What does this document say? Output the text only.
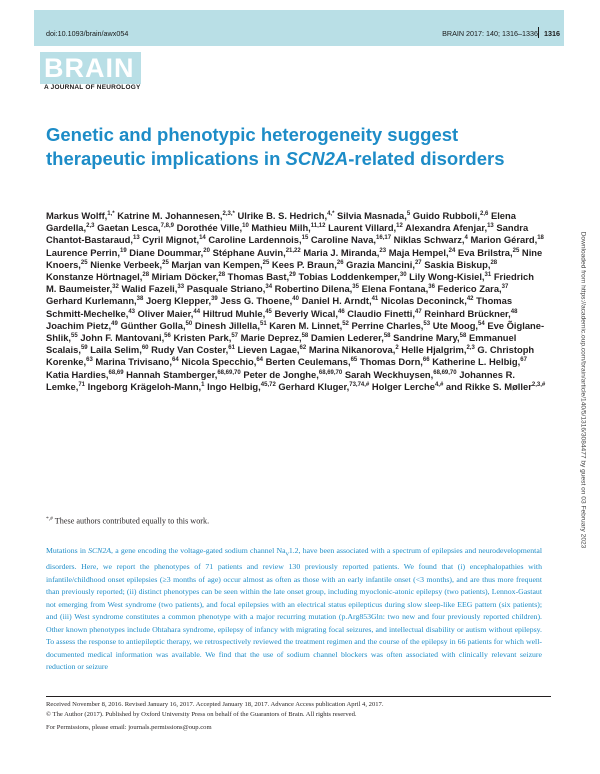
doi:10.1093/brain/awx054	BRAIN 2017: 140; 1316–1336 1316
BRAIN
A JOURNAL OF NEUROLOGY
Genetic and phenotypic heterogeneity suggest therapeutic implications in SCN2A-related disorders
Markus Wolff,$^{1,*}$ Katrine M. Johannesen,$^{2,3,*}$ Ulrike B. S. Hedrich,$^{4,*}$ Silvia Masnada,$^5$ Guido Rubboli,$^{2,6}$ Elena Gardella,$^{2,3}$ Gaetan Lesca,$^{7,8,9}$ Dorothée Ville,$^{10}$ Mathieu Milh,$^{11,12}$ Laurent Villard,$^{12}$ Alexandra Afenjar,$^{13}$ Sandra Chantot-Bastaraud,$^{13}$ Cyril Mignot,$^{14}$ Caroline Lardennois,$^{15}$ Caroline Nava,$^{16,17}$ Niklas Schwarz,$^4$ Marion Gérard,$^{18}$ Laurence Perrin,$^{19}$ Diane Doummar,$^{20}$ Stéphane Auvin,$^{21,22}$ Maria J. Miranda,$^{23}$ Maja Hempel,$^{24}$ Eva Brilstra,$^{25}$ Nine Knoers,$^{25}$ Nienke Verbeek,$^{25}$ Marjan van Kempen,$^{25}$ Kees P. Braun,$^{26}$ Grazia Mancini,$^{27}$ Saskia Biskup,$^{28}$ Konstanze Hörtnagel,$^{28}$ Miriam Döcker,$^{28}$ Thomas Bast,$^{29}$ Tobias Loddenkemper,$^{30}$ Lily Wong-Kisiel,$^{31}$ Friedrich M. Baumeister,$^{32}$ Walid Fazeli,$^{33}$ Pasquale Striano,$^{34}$ Robertino Dilena,$^{35}$ Elena Fontana,$^{36}$ Federico Zara,$^{37}$ Gerhard Kurlemann,$^{38}$ Joerg Klepper,$^{39}$ Jess G. Thoene,$^{40}$ Daniel H. Arndt,$^{41}$ Nicolas Deconinck,$^{42}$ Thomas Schmitt-Mechelke,$^{43}$ Oliver Maier,$^{44}$ Hiltrud Muhle,$^{45}$ Beverly Wical,$^{46}$ Claudio Finetti,$^{47}$ Reinhard Brückner,$^{48}$ Joachim Pietz,$^{49}$ Günther Golla,$^{50}$ Dinesh Jillella,$^{51}$ Karen M. Linnet,$^{52}$ Perrine Charles,$^{53}$ Ute Moog,$^{54}$ Eve Õiglane-Shlik,$^{55}$ John F. Mantovani,$^{56}$ Kristen Park,$^{57}$ Marie Deprez,$^{58}$ Damien Lederer,$^{58}$ Sandrine Mary,$^{58}$ Emmanuel Scalais,$^{59}$ Laila Selim,$^{60}$ Rudy Van Coster,$^{61}$ Lieven Lagae,$^{62}$ Marina Nikanorova,$^2$ Helle Hjalgrim,$^{2,3}$ G. Christoph Korenke,$^{63}$ Marina Trivisano,$^{64}$ Nicola Specchio,$^{64}$ Berten Ceulemans,$^{65}$ Thomas Dorn,$^{66}$ Katherine L. Helbig,$^{67}$ Katia Hardies,$^{68,69}$ Hannah Stamberger,$^{68,69,70}$ Peter de Jonghe,$^{68,69,70}$ Sarah Weckhuysen,$^{68,69,70}$ Johannes R. Lemke,$^{71}$ Ingeborg Krägeloh-Mann,$^1$ Ingo Helbig,$^{45,72}$ Gerhard Kluger,$^{73,74,\#}$ Holger Lerche$^{4,\#}$ and Rikke S. Møller$^{2,3,\#}$
*,# These authors contributed equally to this work.
Mutations in SCN2A, a gene encoding the voltage-gated sodium channel $Na_v1.2$, have been associated with a spectrum of epilepsies and neurodevelopmental disorders. Here, we report the phenotypes of 71 patients and review 130 previously reported patients. We found that (i) encephalopathies with infantile/childhood onset epilepsies (≥3 months of age) occur almost as often as those with an early infantile onset (<3 months), and are thus more frequent than previously reported; (ii) distinct phenotypes can be seen within the late onset group, including myoclonic-atonic epilepsy (two patients), Lennox-Gastaut not emerging from West syndrome (two patients), and focal epilepsies with an electrical status epilepticus during slow sleep-like EEG pattern (six patients); and (iii) West syndrome constitutes a common phenotype with a major recurring mutation (p.Arg853Gln: two new and four previously reported children). Other known phenotypes include Ohtahara syndrome, epilepsy of infancy with migrating focal seizures, and intellectual disability or autism without epilepsy. To assess the response to antiepileptic therapy, we retrospectively reviewed the treatment regimen and the course of the epilepsy in 66 patients for which well-documented medical information was available. We find that the use of sodium channel blockers was often associated with clinically relevant seizure reduction or seizure
Received November 8, 2016. Revised January 16, 2017. Accepted January 18, 2017. Advance Access publication April 4, 2017.
© The Author (2017). Published by Oxford University Press on behalf of the Guarantors of Brain. All rights reserved.
For Permissions, please email: journals.permissions@oup.com
Downloaded from https://academic.oup.com/brain/article/140/5/1316/3084477 by guest on 03 February 2023
